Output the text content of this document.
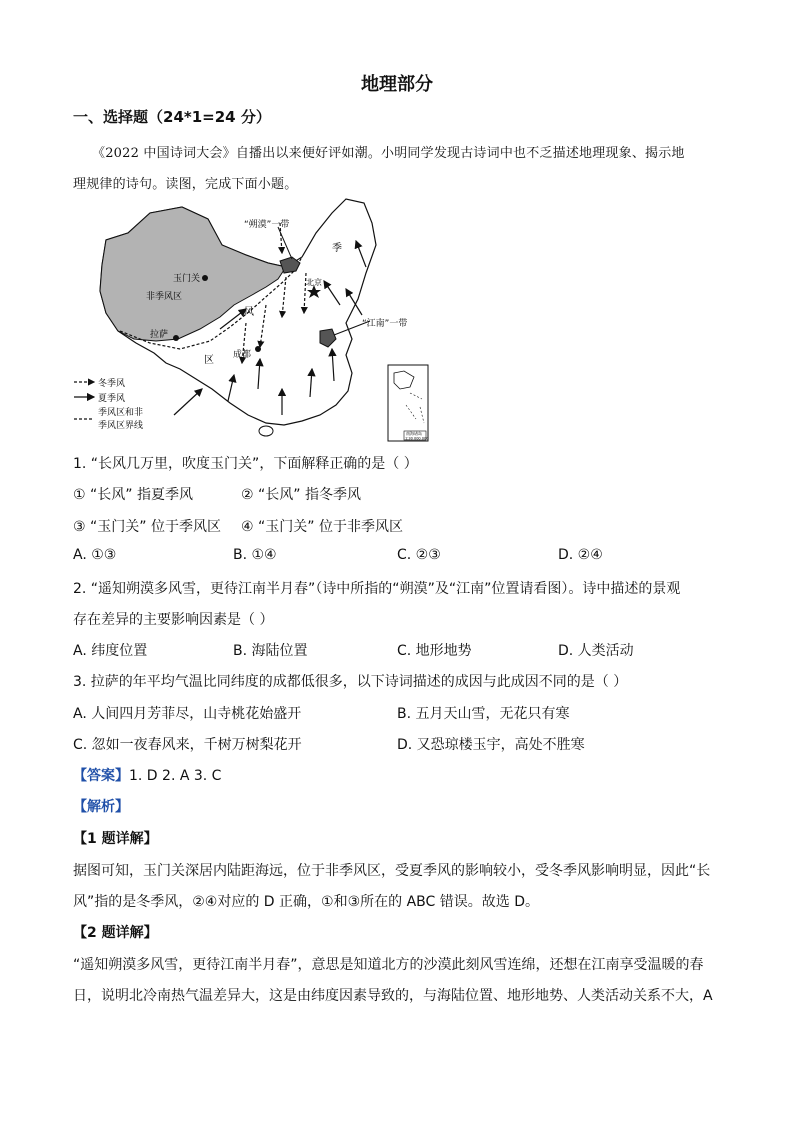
地理部分
一、选择题（24*1=24 分）
《2022 中国诗词大会》自播出以来便好评如潮。小明同学发现古诗词中也不乏描述地理现象、揭示地
理规律的诗句。读图，完成下面小题。
“朔漠”一带
“江南”一带
玉门关
非季风区
拉萨
北京
成都
季
风
区
冬季风
夏季风
季风区和非
季风区界线
南海诸岛
1:30 000 000
1. “长风几万里，吹度玉门关”，下面解释正确的是（ ）
① “长风” 指夏季风	② “长风” 指冬季风
③ “玉门关” 位于季风区 ④ “玉门关” 位于非季风区
A. ①③	B. ①④	C. ②③	D. ②④
2. “遥知朔漠多风雪，更待江南半月春”（诗中所指的“朔漠”及“江南”位置请看图）。诗中描述的景观
存在差异的主要影响因素是（ ）
A. 纬度位置	B. 海陆位置	C. 地形地势	D. 人类活动
3. 拉萨的年平均气温比同纬度的成都低很多，以下诗词描述的成因与此成因不同的是（ ）
A. 人间四月芳菲尽，山寺桃花始盛开	B. 五月天山雪，无花只有寒
C. 忽如一夜春风来，千树万树梨花开	D. 又恐琼楼玉宇，高处不胜寒
【答案】1. D 2. A 3. C
【解析】
【1 题详解】
据图可知，玉门关深居内陆距海远，位于非季风区，受夏季风的影响较小，受冬季风影响明显，因此“长
风”指的是冬季风，②④对应的 D 正确，①和③所在的 ABC 错误。故选 D。
【2 题详解】
“遥知朔漠多风雪，更待江南半月春”，意思是知道北方的沙漠此刻风雪连绵，还想在江南享受温暖的春
日，说明北冷南热气温差异大，这是由纬度因素导致的，与海陆位置、地形地势、人类活动关系不大，A
